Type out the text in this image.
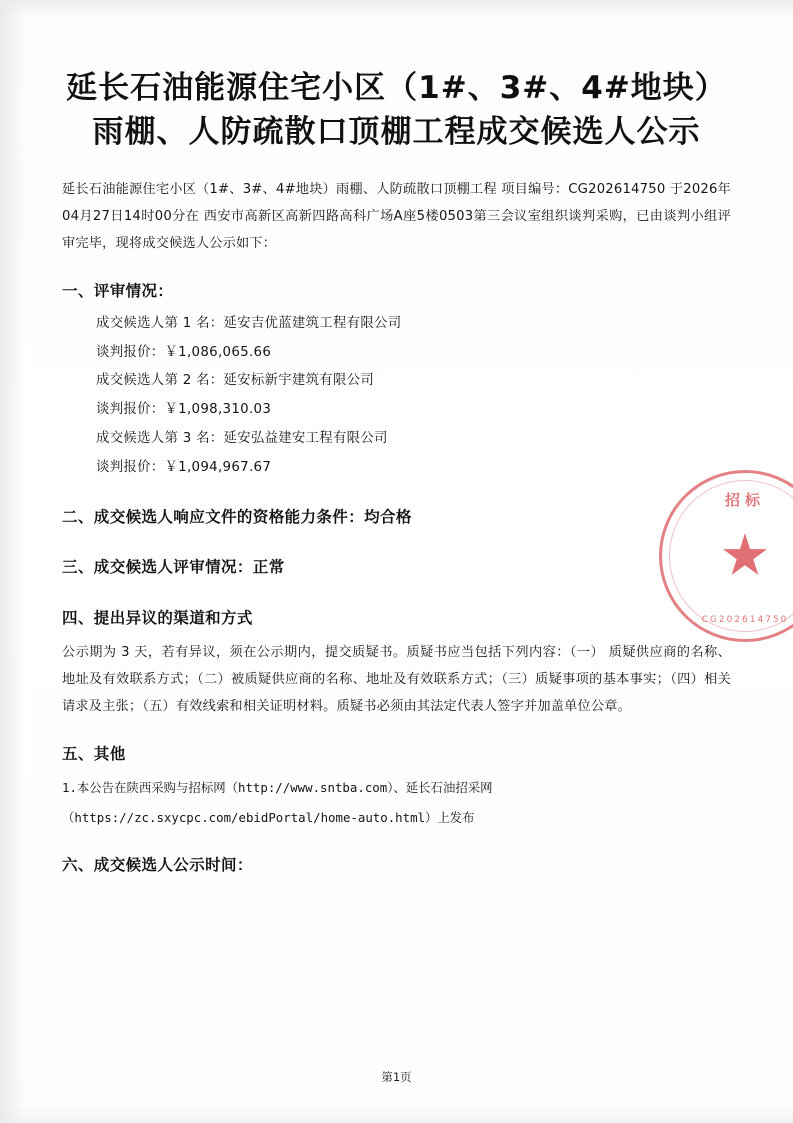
延长石油能源住宅小区（1#、3#、4#地块）雨棚、人防疏散口顶棚工程成交候选人公示

延长石油能源住宅小区（1#、3#、4#地块）雨棚、人防疏散口顶棚工程 项目编号：CG202614750 于2026年04月27日14时00分在 西安市高新区高新四路高科广场A座5楼0503第三会议室组织谈判采购，已由谈判小组评审完毕，现将成交候选人公示如下：

一、评审情况：
成交候选人第 1 名：延安吉优蓝建筑工程有限公司
谈判报价：￥1,086,065.66
成交候选人第 2 名：延安标新宇建筑有限公司
谈判报价：￥1,098,310.03
成交候选人第 3 名：延安弘益建安工程有限公司
谈判报价：￥1,094,967.67
二、成交候选人响应文件的资格能力条件：均合格
三、成交候选人评审情况：正常
四、提出异议的渠道和方式

公示期为 3 天，若有异议，须在公示期内，提交质疑书。质疑书应当包括下列内容：（一） 质疑供应商的名称、地址及有效联系方式；（二）被质疑供应商的名称、地址及有效联系方式；（三）质疑事项的基本事实；（四）相关请求及主张；（五）有效线索和相关证明材料。质疑书必须由其法定代表人签字并加盖单位公章。

五、其他
1.本公告在陕西采购与招标网（http://www.sntba.com）、延长石油招采网
（https://zc.sxycpc.com/ebidPortal/home-auto.html）上发布
六、成交候选人公示时间：
招标
CG202614750
第1页
